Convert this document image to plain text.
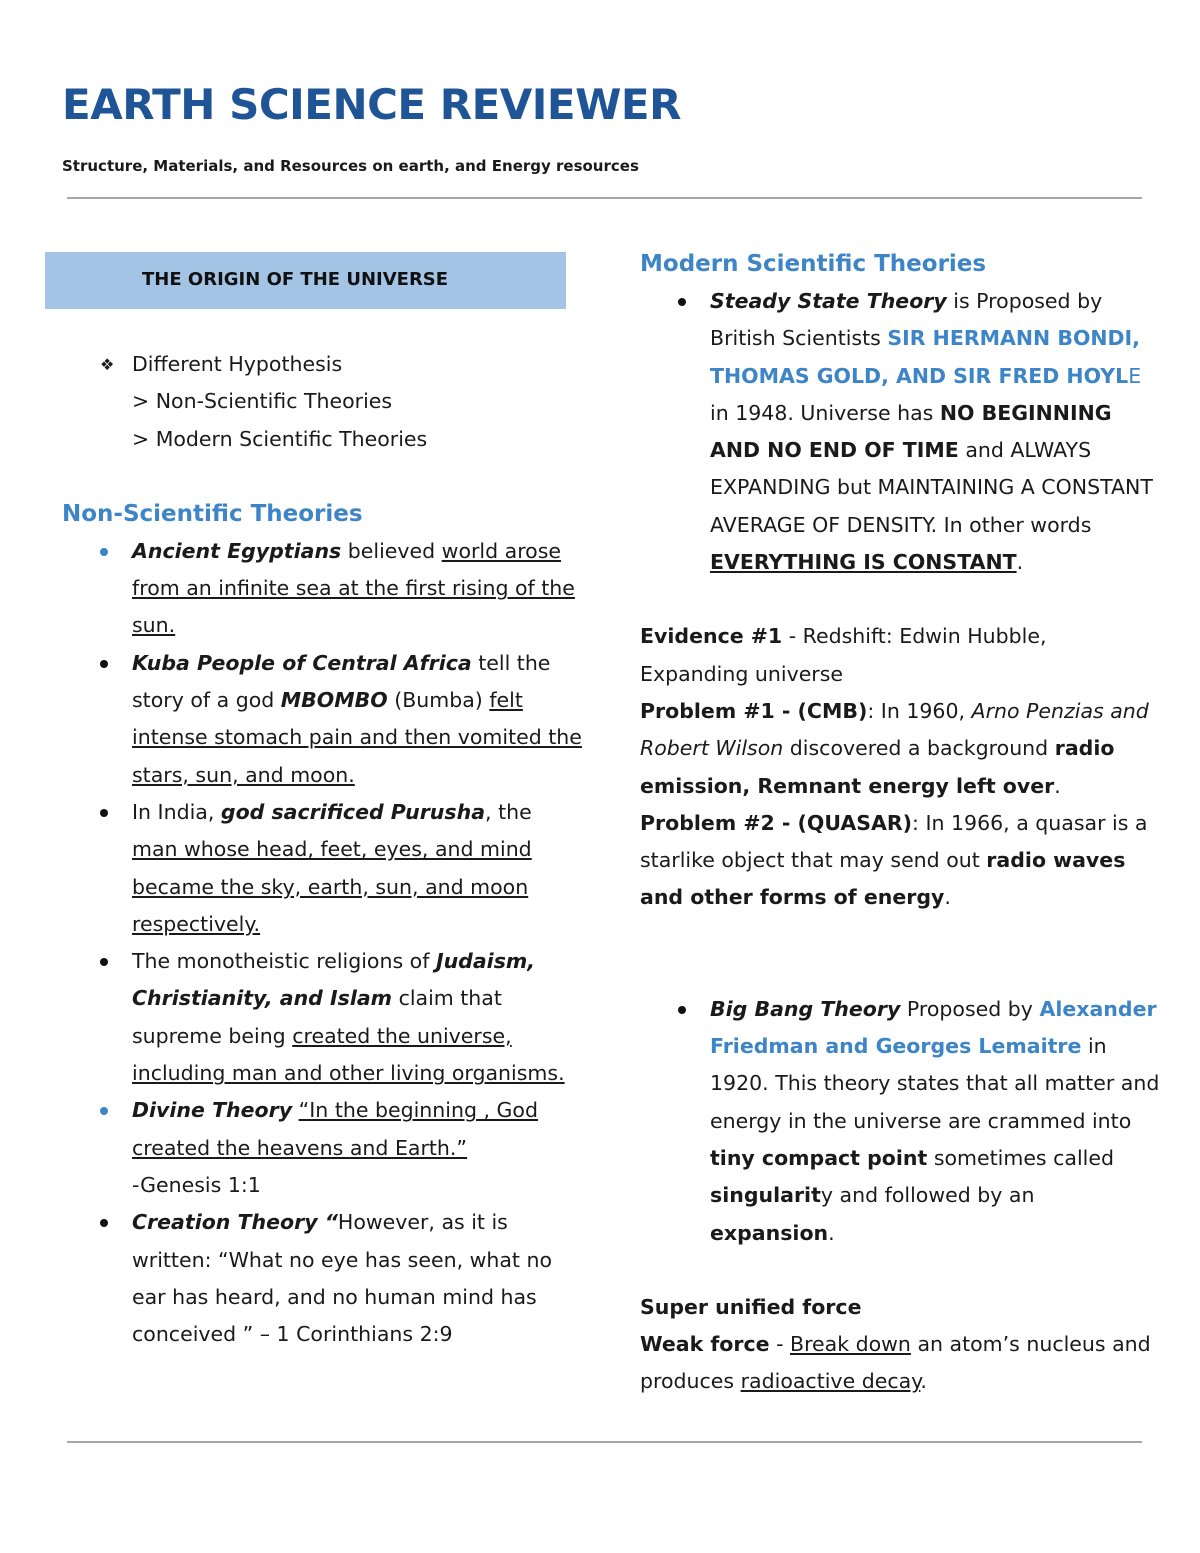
EARTH SCIENCE REVIEWER

Structure, Materials, and Resources on earth, and Energy resources

THE ORIGIN OF THE UNIVERSE
❖ Different Hypothesis
> Non-Scientific Theories
> Modern Scientific Theories
Non-Scientific Theories
Ancient Egyptians believed world arose from an infinite sea at the first rising of the sun.
Kuba People of Central Africa tell the story of a god MBOMBO (Bumba) felt intense stomach pain and then vomited the stars, sun, and moon.
In India, god sacrificed Purusha, the man whose head, feet, eyes, and mind became the sky, earth, sun, and moon respectively.
The monotheistic religions of Judaism, Christianity, and Islam claim that supreme being created the universe, including man and other living organisms.
Divine Theory “In the beginning , God created the heavens and Earth.”
-Genesis 1:1
Creation Theory “However, as it is written: “What no eye has seen, what no ear has heard, and no human mind has conceived ” – 1 Corinthians 2:9
Modern Scientific Theories
Steady State Theory is Proposed by British Scientists SIR HERMANN BONDI, THOMAS GOLD, AND SIR FRED HOYLE in 1948. Universe has NO BEGINNING AND NO END OF TIME and ALWAYS EXPANDING but MAINTAINING A CONSTANT AVERAGE OF DENSITY. In other words EVERYTHING IS CONSTANT.
Evidence #1 - Redshift: Edwin Hubble, Expanding universe
Problem #1 - (CMB): In 1960, Arno Penzias and Robert Wilson discovered a background radio emission, Remnant energy left over.
Problem #2 - (QUASAR): In 1966, a quasar is a starlike object that may send out radio waves and other forms of energy.
Big Bang Theory Proposed by Alexander Friedman and Georges Lemaitre in 1920. This theory states that all matter and energy in the universe are crammed into tiny compact point sometimes called singularity and followed by an expansion.
Super unified force
Weak force - Break down an atom’s nucleus and produces radioactive decay.
